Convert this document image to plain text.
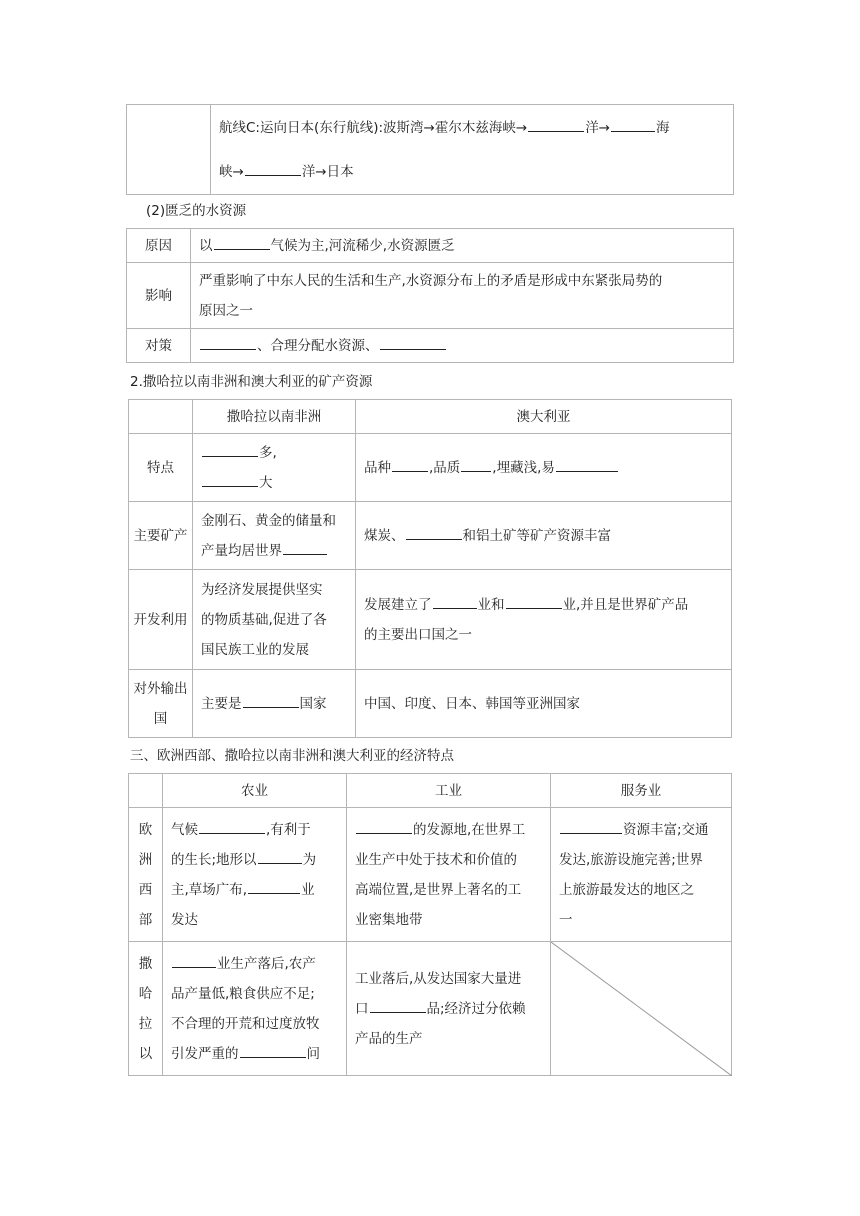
	航线C:运向日本(东行航线):波斯湾→霍尔木兹海峡→	洋→	海
峡→	洋→日本
(2)匮乏的水资源
原因	以 气候为主,河流稀少,水资源匮乏
影响	严重影响了中东人民的生活和生产,水资源分布上的矛盾是形成中东紧张局势的
原因之一
对策	、合理分配水资源、
2.撒哈拉以南非洲和澳大利亚的矿产资源
	撒哈拉以南非洲	澳大利亚
特点	多,
大	品种 ,品质 ,埋藏浅,易
主要矿产	金刚石、黄金的储量和
产量均居世界	煤炭、 和铝土矿等矿产资源丰富
开发利用	为经济发展提供坚实
的物质基础,促进了各
国民族工业的发展	发展建立了 业和 业,并且是世界矿产品
的主要出口国之一
对外输出
国	主要是 国家	中国、印度、日本、韩国等亚洲国家
三、欧洲西部、撒哈拉以南非洲和澳大利亚的经济特点
	农业	工业	服务业

欧
洲
西
部	气候 ,有利于
的生长;地形以 为
主,草场广布, 业
发达	的发源地,在世界工
业生产中处于技术和价值的
高端位置,是世界上著名的工
业密集地带	资源丰富;交通
发达,旅游设施完善;世界
上旅游最发达的地区之
一

撒
哈
拉
以	业生产落后,农产
品产量低,粮食供应不足;
不合理的开荒和过度放牧
引发严重的 问	工业落后,从发达国家大量进
口 品;经济过分依赖
产品的生产	
